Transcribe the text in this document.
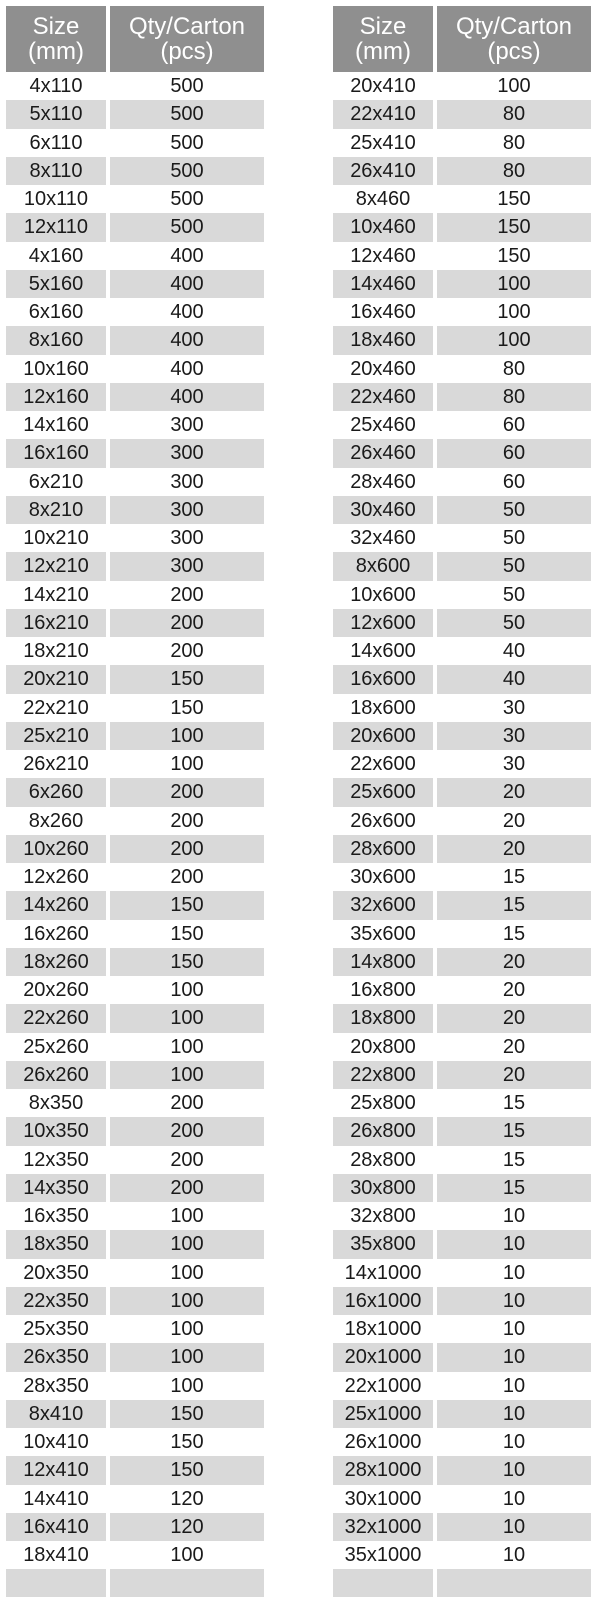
Size
(mm)	Qty/Carton
(pcs)
4x110	500
5x110	500
6x110	500
8x110	500
10x110	500
12x110	500
4x160	400
5x160	400
6x160	400
8x160	400
10x160	400
12x160	400
14x160	300
16x160	300
6x210	300
8x210	300
10x210	300
12x210	300
14x210	200
16x210	200
18x210	200
20x210	150
22x210	150
25x210	100
26x210	100
6x260	200
8x260	200
10x260	200
12x260	200
14x260	150
16x260	150
18x260	150
20x260	100
22x260	100
25x260	100
26x260	100
8x350	200
10x350	200
12x350	200
14x350	200
16x350	100
18x350	100
20x350	100
22x350	100
25x350	100
26x350	100
28x350	100
8x410	150
10x410	150
12x410	150
14x410	120
16x410	120
18x410	100

Size
(mm)	Qty/Carton
(pcs)
20x410	100
22x410	80
25x410	80
26x410	80
8x460	150
10x460	150
12x460	150
14x460	100
16x460	100
18x460	100
20x460	80
22x460	80
25x460	60
26x460	60
28x460	60
30x460	50
32x460	50
8x600	50
10x600	50
12x600	50
14x600	40
16x600	40
18x600	30
20x600	30
22x600	30
25x600	20
26x600	20
28x600	20
30x600	15
32x600	15
35x600	15
14x800	20
16x800	20
18x800	20
20x800	20
22x800	20
25x800	15
26x800	15
28x800	15
30x800	15
32x800	10
35x800	10
14x1000	10
16x1000	10
18x1000	10
20x1000	10
22x1000	10
25x1000	10
26x1000	10
28x1000	10
30x1000	10
32x1000	10
35x1000	10
